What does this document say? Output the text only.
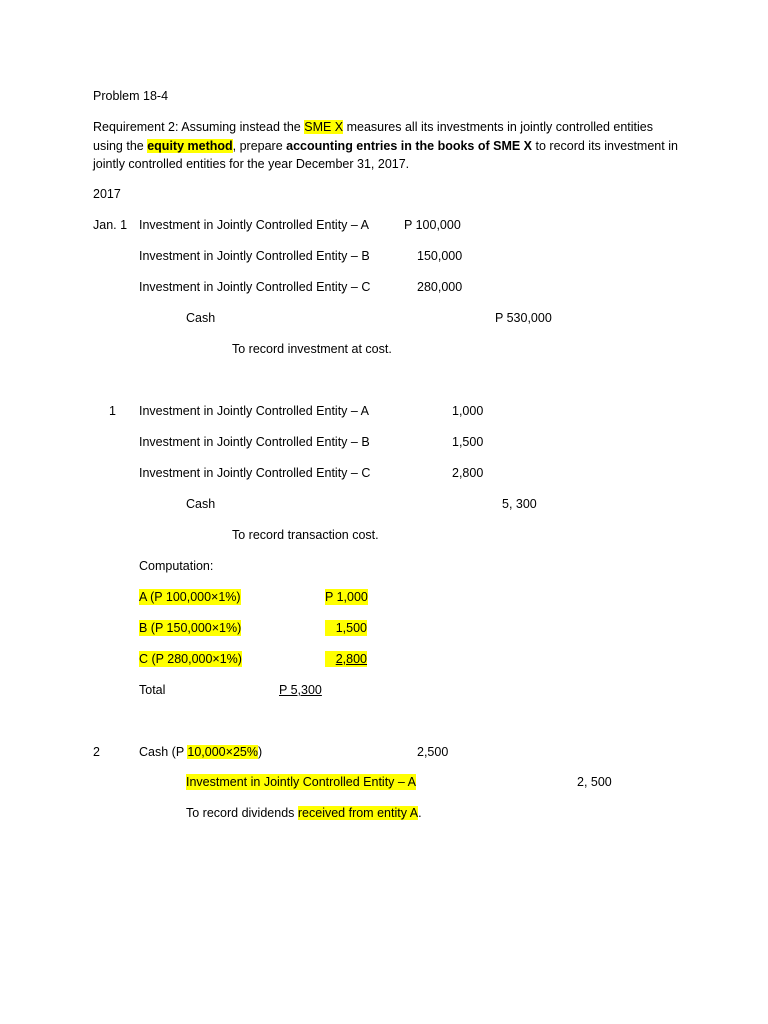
Problem 18-4
Requirement 2: Assuming instead the SME X measures all its investments in jointly controlled entities using the equity method, prepare accounting entries in the books of SME X to record its investment in jointly controlled entities for the year December 31, 2017.
2017
Jan. 1 Investment in Jointly Controlled Entity – A	P 100,000
Investment in Jointly Controlled Entity – B	150,000
Investment in Jointly Controlled Entity – C	280,000
Cash	P 530,000
To record investment at cost.
1 Investment in Jointly Controlled Entity – A	1,000
Investment in Jointly Controlled Entity – B	1,500
Investment in Jointly Controlled Entity – C	2,800
Cash	5, 300
To record transaction cost.
Computation:
A (P 100,000×1%)	P 1,000
B (P 150,000×1%)	1,500
C (P 280,000×1%)	2,800
Total	P 5,300
2	Cash (P 10,000×25%)	2,500
Investment in Jointly Controlled Entity – A	2, 500
To record dividends received from entity A.
